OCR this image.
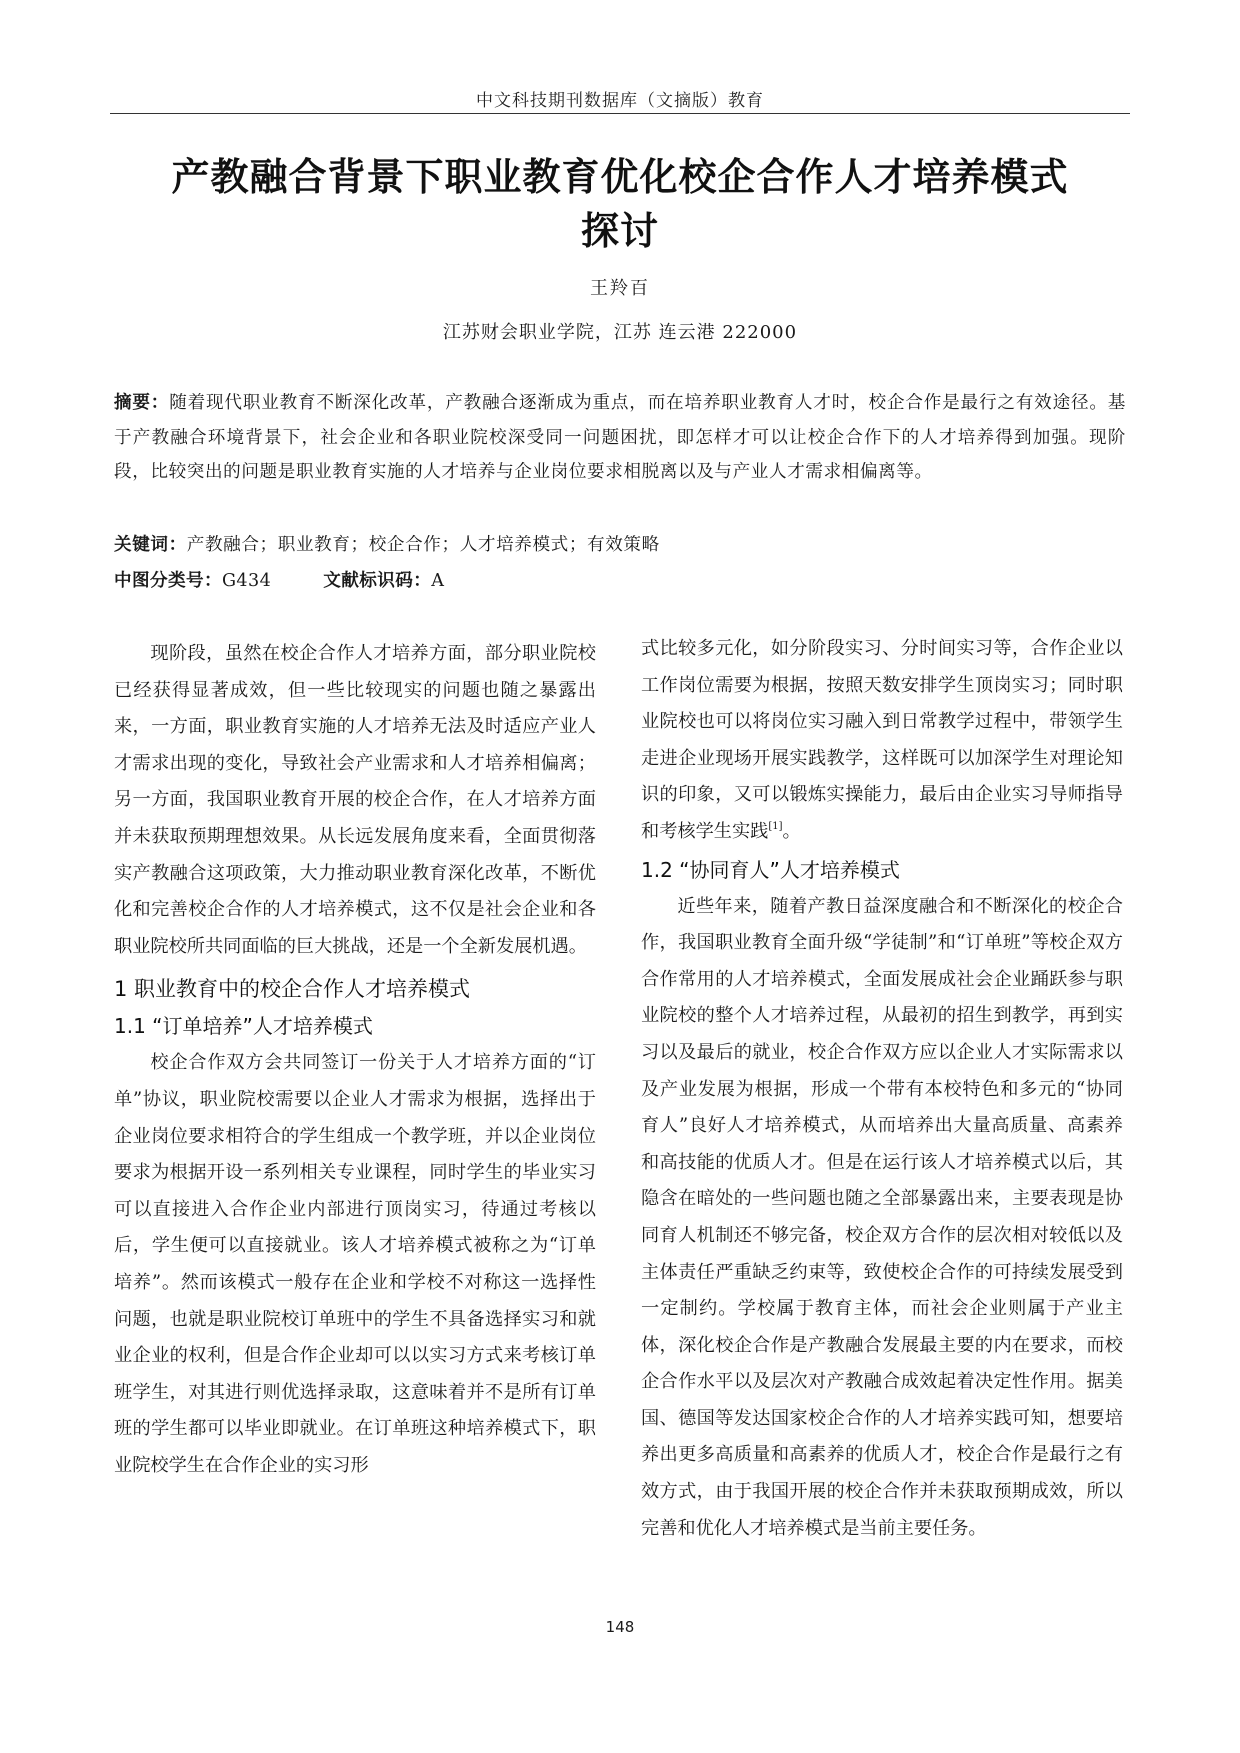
中文科技期刊数据库（文摘版）教育
产教融合背景下职业教育优化校企合作人才培养模式
探讨
王羚百
江苏财会职业学院，江苏 连云港 222000
摘要：随着现代职业教育不断深化改革，产教融合逐渐成为重点，而在培养职业教育人才时，校企合作是最行之有效途径。基于产教融合环境背景下，社会企业和各职业院校深受同一问题困扰，即怎样才可以让校企合作下的人才培养得到加强。现阶段，比较突出的问题是职业教育实施的人才培养与企业岗位要求相脱离以及与产业人才需求相偏离等。
关键词：产教融合；职业教育；校企合作；人才培养模式；有效策略
中图分类号：G434	文献标识码：A

现阶段，虽然在校企合作人才培养方面，部分职业院校已经获得显著成效，但一些比较现实的问题也随之暴露出来，一方面，职业教育实施的人才培养无法及时适应产业人才需求出现的变化，导致社会产业需求和人才培养相偏离；另一方面，我国职业教育开展的校企合作，在人才培养方面并未获取预期理想效果。从长远发展角度来看，全面贯彻落实产教融合这项政策，大力推动职业教育深化改革，不断优化和完善校企合作的人才培养模式，这不仅是社会企业和各职业院校所共同面临的巨大挑战，还是一个全新发展机遇。

1 职业教育中的校企合作人才培养模式
1.1 “订单培养”人才培养模式

校企合作双方会共同签订一份关于人才培养方面的“订单”协议，职业院校需要以企业人才需求为根据，选择出于企业岗位要求相符合的学生组成一个教学班，并以企业岗位要求为根据开设一系列相关专业课程，同时学生的毕业实习可以直接进入合作企业内部进行顶岗实习，待通过考核以后，学生便可以直接就业。该人才培养模式被称之为“订单培养”。然而该模式一般存在企业和学校不对称这一选择性问题，也就是职业院校订单班中的学生不具备选择实习和就业企业的权利，但是合作企业却可以以实习方式来考核订单班学生，对其进行则优选择录取，这意味着并不是所有订单班的学生都可以毕业即就业。在订单班这种培养模式下，职业院校学生在合作企业的实习形

式比较多元化，如分阶段实习、分时间实习等，合作企业以工作岗位需要为根据，按照天数安排学生顶岗实习；同时职业院校也可以将岗位实习融入到日常教学过程中，带领学生走进企业现场开展实践教学，这样既可以加深学生对理论知识的印象，又可以锻炼实操能力，最后由企业实习导师指导和考核学生实践[1]。

1.2 “协同育人”人才培养模式

近些年来，随着产教日益深度融合和不断深化的校企合作，我国职业教育全面升级“学徒制”和“订单班”等校企双方合作常用的人才培养模式，全面发展成社会企业踊跃参与职业院校的整个人才培养过程，从最初的招生到教学，再到实习以及最后的就业，校企合作双方应以企业人才实际需求以及产业发展为根据，形成一个带有本校特色和多元的“协同育人”良好人才培养模式，从而培养出大量高质量、高素养和高技能的优质人才。但是在运行该人才培养模式以后，其隐含在暗处的一些问题也随之全部暴露出来，主要表现是协同育人机制还不够完备，校企双方合作的层次相对较低以及主体责任严重缺乏约束等，致使校企合作的可持续发展受到一定制约。学校属于教育主体，而社会企业则属于产业主体，深化校企合作是产教融合发展最主要的内在要求，而校企合作水平以及层次对产教融合成效起着决定性作用。据美国、德国等发达国家校企合作的人才培养实践可知，想要培养出更多高质量和高素养的优质人才，校企合作是最行之有效方式，由于我国开展的校企合作并未获取预期成效，所以完善和优化人才培养模式是当前主要任务。

148
